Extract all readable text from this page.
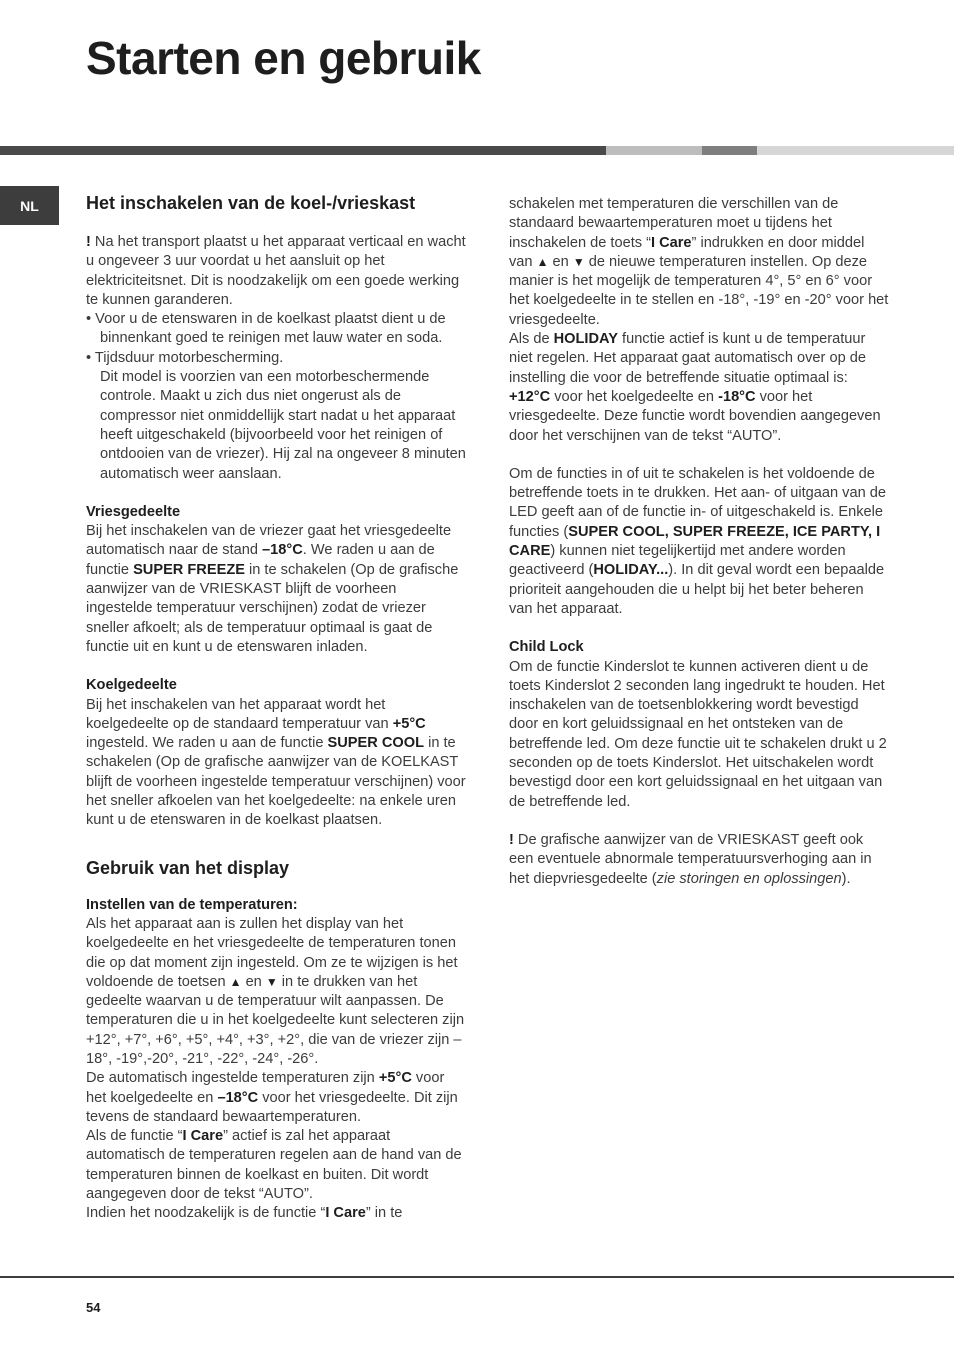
Starten en gebruik
NL	Het inschakelen van de koel-/vrieskast

! Na het transport plaatst u het apparaat verticaal en wacht u ongeveer 3 uur voordat u het aansluit op het elektriciteitsnet. Dit is noodzakelijk om een goede werking te kunnen garanderen.

• Voor u de etenswaren in de koelkast plaatst dient u de binnenkant goed te reinigen met lauw water en soda.

• Tijdsduur motorbescherming.

Dit model is voorzien van een motorbeschermende controle. Maakt u zich dus niet ongerust als de compressor niet onmiddellijk start nadat u het apparaat heeft uitgeschakeld (bijvoorbeeld voor het reinigen of ontdooien van de vriezer). Hij zal na ongeveer 8 minuten automatisch weer aanslaan.

Vriesgedeelte

Bij het inschakelen van de vriezer gaat het vriesgedeelte automatisch naar de stand –18°C. We raden u aan de functie SUPER FREEZE in te schakelen (Op de grafische aanwijzer van de VRIESKAST blijft de voorheen ingestelde temperatuur verschijnen) zodat de vriezer sneller afkoelt; als de temperatuur optimaal is gaat de functie uit en kunt u de etenswaren inladen.

Koelgedeelte

Bij het inschakelen van het apparaat wordt het koelgedeelte op de standaard temperatuur van +5°C ingesteld. We raden u aan de functie SUPER COOL in te schakelen (Op de grafische aanwijzer van de KOELKAST blijft de voorheen ingestelde temperatuur verschijnen) voor het sneller afkoelen van het koelgedeelte: na enkele uren kunt u de etenswaren in de koelkast plaatsen.

Gebruik van het display
Instellen van de temperaturen:

Als het apparaat aan is zullen het display van het koelgedeelte en het vriesgedeelte de temperaturen tonen die op dat moment zijn ingesteld. Om ze te wijzigen is het voldoende de toetsen ▲ en ▼ in te drukken van het gedeelte waarvan u de temperatuur wilt aanpassen. De temperaturen die u in het koelgedeelte kunt selecteren zijn +12°, +7°, +6°, +5°, +4°, +3°, +2°, die van de vriezer zijn –18°, -19°,-20°, -21°, -22°, -24°, -26°.

De automatisch ingestelde temperaturen zijn +5°C voor het koelgedeelte en –18°C voor het vriesgedeelte. Dit zijn tevens de standaard bewaartemperaturen.

Als de functie “I Care” actief is zal het apparaat automatisch de temperaturen regelen aan de hand van de temperaturen binnen de koelkast en buiten. Dit wordt aangegeven door de tekst “AUTO”.

Indien het noodzakelijk is de functie “I Care” in te

schakelen met temperaturen die verschillen van de standaard bewaartemperaturen moet u tijdens het inschakelen de toets “I Care” indrukken en door middel van ▲ en ▼ de nieuwe temperaturen instellen. Op deze manier is het mogelijk de temperaturen 4°, 5° en 6° voor het koelgedeelte in te stellen en -18°, -19° en -20° voor het vriesgedeelte.

Als de HOLIDAY functie actief is kunt u de temperatuur niet regelen. Het apparaat gaat automatisch over op de instelling die voor de betreffende situatie optimaal is: +12°C voor het koelgedeelte en -18°C voor het vriesgedeelte. Deze functie wordt bovendien aangegeven door het verschijnen van de tekst “AUTO”.

Om de functies in of uit te schakelen is het voldoende de betreffende toets in te drukken. Het aan- of uitgaan van de LED geeft aan of de functie in- of uitgeschakeld is. Enkele functies (SUPER COOL, SUPER FREEZE, ICE PARTY, I CARE) kunnen niet tegelijkertijd met andere worden geactiveerd (HOLIDAY...). In dit geval wordt een bepaalde prioriteit aangehouden die u helpt bij het beter beheren van het apparaat.

Child Lock

Om de functie Kinderslot te kunnen activeren dient u de toets Kinderslot 2 seconden lang ingedrukt te houden. Het inschakelen van de toetsenblokkering wordt bevestigd door en kort geluidssignaal en het ontsteken van de betreffende led. Om deze functie uit te schakelen drukt u 2 seconden op de toets Kinderslot. Het uitschakelen wordt bevestigd door een kort geluidssignaal en het uitgaan van de betreffende led.

! De grafische aanwijzer van de VRIESKAST geeft ook een eventuele abnormale temperatuursverhoging aan in het diepvriesgedeelte (zie storingen en oplossingen).

54
